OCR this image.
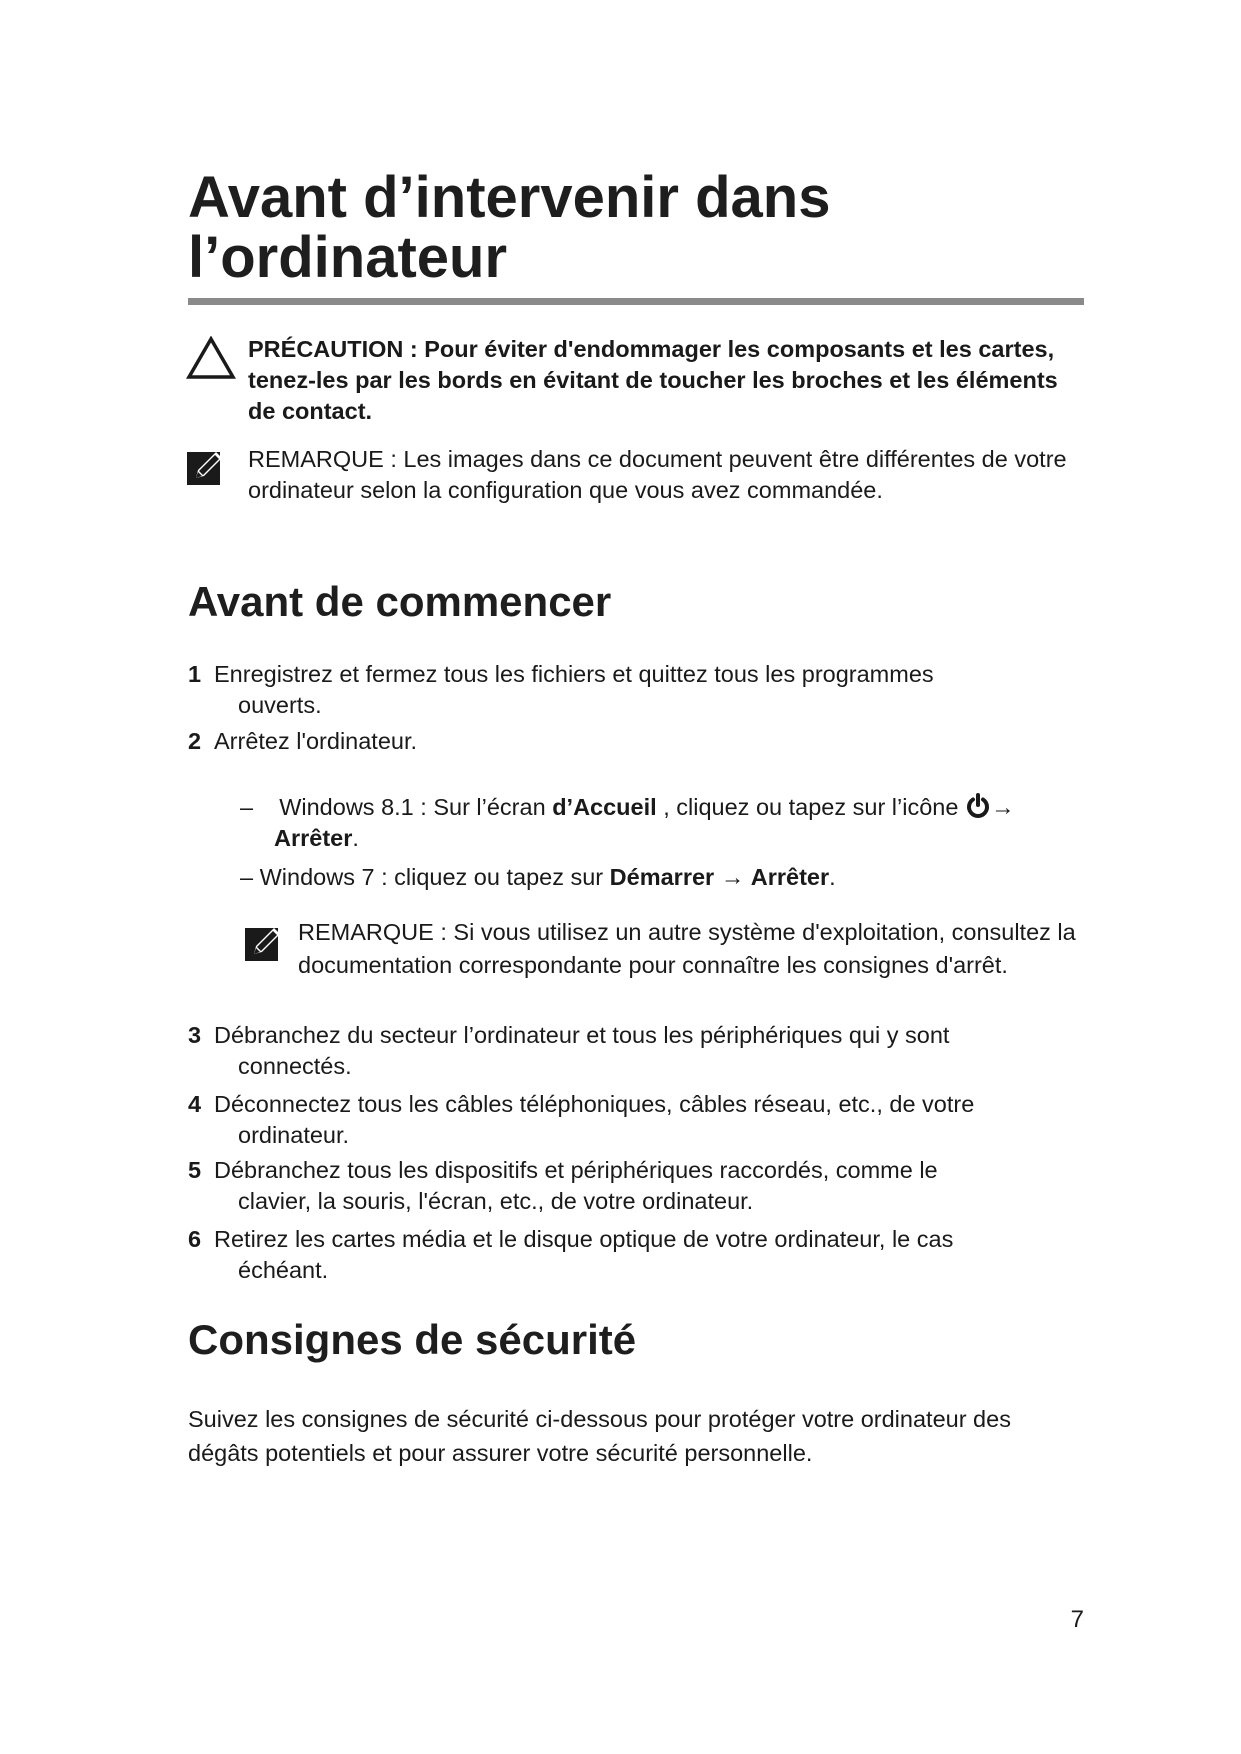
Avant d’intervenir dans
l’ordinateur
PRÉCAUTION : Pour éviter d'endommager les composants et les cartes, tenez-les par les bords en évitant de toucher les broches et les éléments de contact.
REMARQUE : Les images dans ce document peuvent être différentes de votre ordinateur selon la configuration que vous avez commandée.
Avant de commencer
1 Enregistrez et fermez tous les fichiers et quittez tous les programmes
ouverts.
2 Arrêtez l'ordinateur.
– Windows 8.1 : Sur l’écran d’Accueil , cliquez ou tapez sur l’icône →
Arrêter.
– Windows 7 : cliquez ou tapez sur Démarrer → Arrêter.
REMARQUE : Si vous utilisez un autre système d'exploitation, consultez la documentation correspondante pour connaître les consignes d'arrêt.
3 Débranchez du secteur l’ordinateur et tous les périphériques qui y sont
connectés.
4 Déconnectez tous les câbles téléphoniques, câbles réseau, etc., de votre
ordinateur.
5 Débranchez tous les dispositifs et périphériques raccordés, comme le
clavier, la souris, l'écran, etc., de votre ordinateur.
6 Retirez les cartes média et le disque optique de votre ordinateur, le cas
échéant.
Consignes de sécurité
Suivez les consignes de sécurité ci-dessous pour protéger votre ordinateur des dégâts potentiels et pour assurer votre sécurité personnelle.
7
